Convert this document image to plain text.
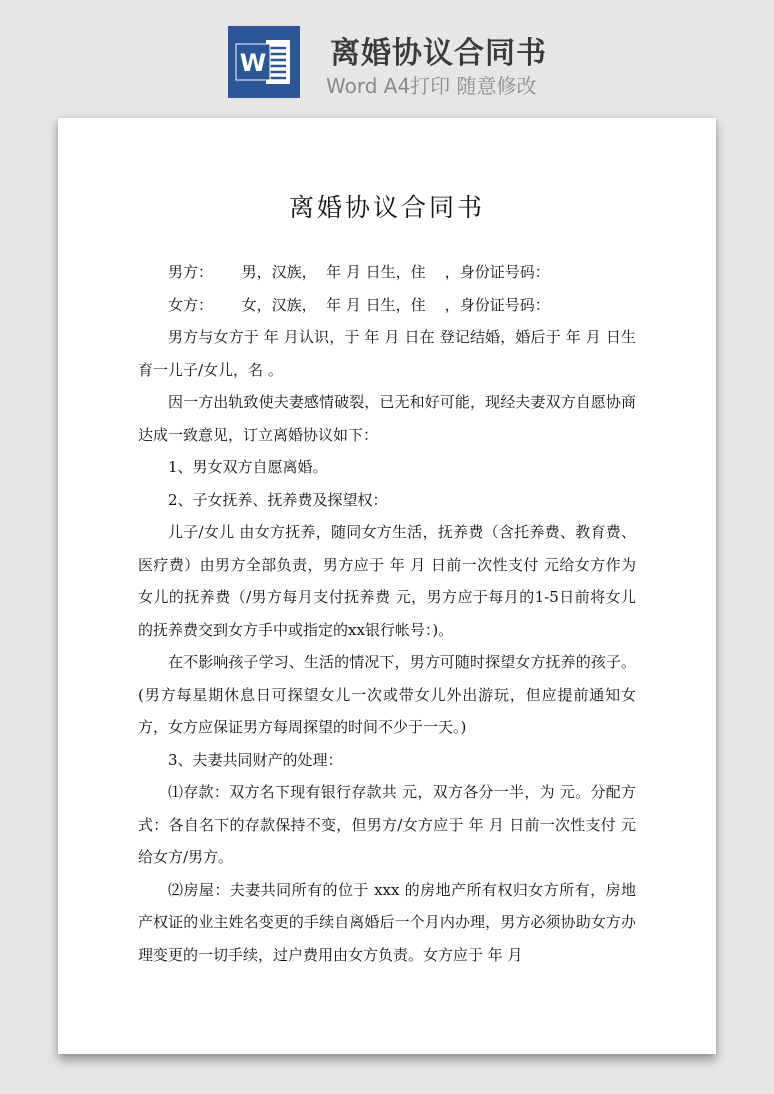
W 离婚协议合同书
Word A4打印 随意修改

离婚协议合同书

男方：      男，汉族，  年 月 日生，住    ，身份证号码：

女方：      女，汉族，  年 月 日生，住    ，身份证号码：

男方与女方于 年 月认识，于 年 月 日在 登记结婚，婚后于 年 月 日生育一儿子/女儿，名 。

因一方出轨致使夫妻感情破裂，已无和好可能，现经夫妻双方自愿协商达成一致意见，订立离婚协议如下：

1、男女双方自愿离婚。

2、子女抚养、抚养费及探望权：

儿子/女儿 由女方抚养，随同女方生活，抚养费（含托养费、教育费、医疗费）由男方全部负责，男方应于 年 月 日前一次性支付 元给女方作为女儿的抚养费（/男方每月支付抚养费 元，男方应于每月的1-5日前将女儿的抚养费交到女方手中或指定的xx银行帐号：)。

在不影响孩子学习、生活的情况下，男方可随时探望女方抚养的孩子。(男方每星期休息日可探望女儿一次或带女儿外出游玩，但应提前通知女方，女方应保证男方每周探望的时间不少于一天。)

3、夫妻共同财产的处理：

⑴存款：双方名下现有银行存款共 元，双方各分一半，为 元。分配方式：各自名下的存款保持不变，但男方/女方应于 年 月 日前一次性支付 元给女方/男方。

⑵房屋：夫妻共同所有的位于 xxx 的房地产所有权归女方所有，房地产权证的业主姓名变更的手续自离婚后一个月内办理，男方必须协助女方办理变更的一切手续，过户费用由女方负责。女方应于 年 月
